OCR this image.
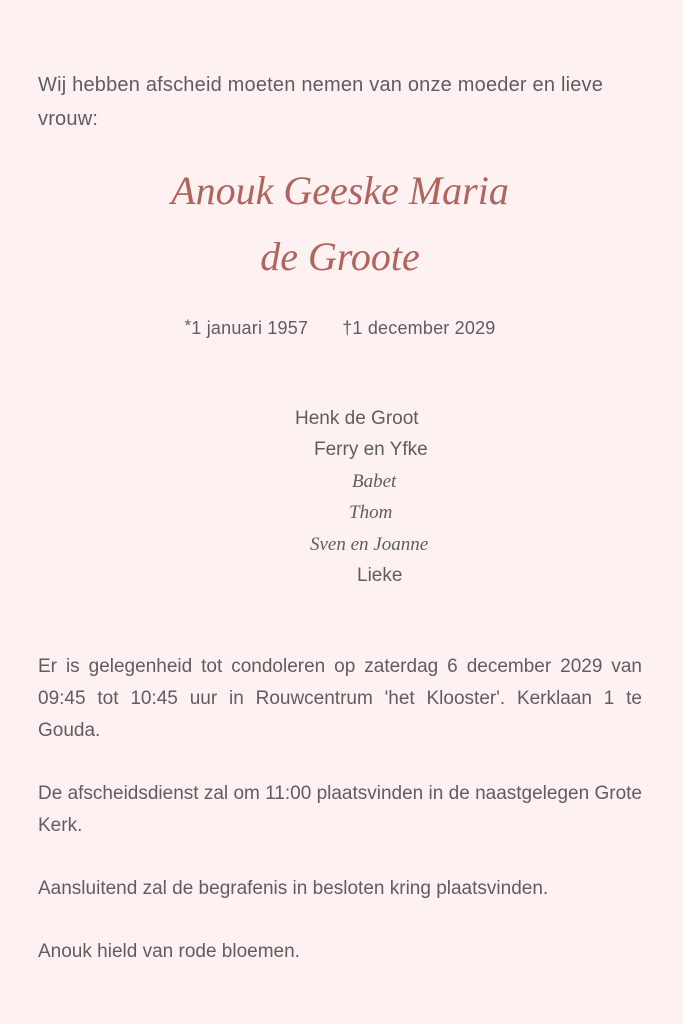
Wij hebben afscheid moeten nemen van onze moeder en lieve vrouw:

Anouk Geeske Maria
de Groote
*1 januari 1957 †1 december 2029
Henk de Groot
Ferry en Yfke
Babet
Thom
Sven en Joanne
Lieke

Er is gelegenheid tot condoleren op zaterdag 6 december 2029 van 09:45 tot 10:45 uur in Rouwcentrum 'het Klooster'. Kerklaan 1 te Gouda.

De afscheidsdienst zal om 11:00 plaatsvinden in de naastgelegen Grote Kerk.

Aansluitend zal de begrafenis in besloten kring plaatsvinden.

Anouk hield van rode bloemen.
